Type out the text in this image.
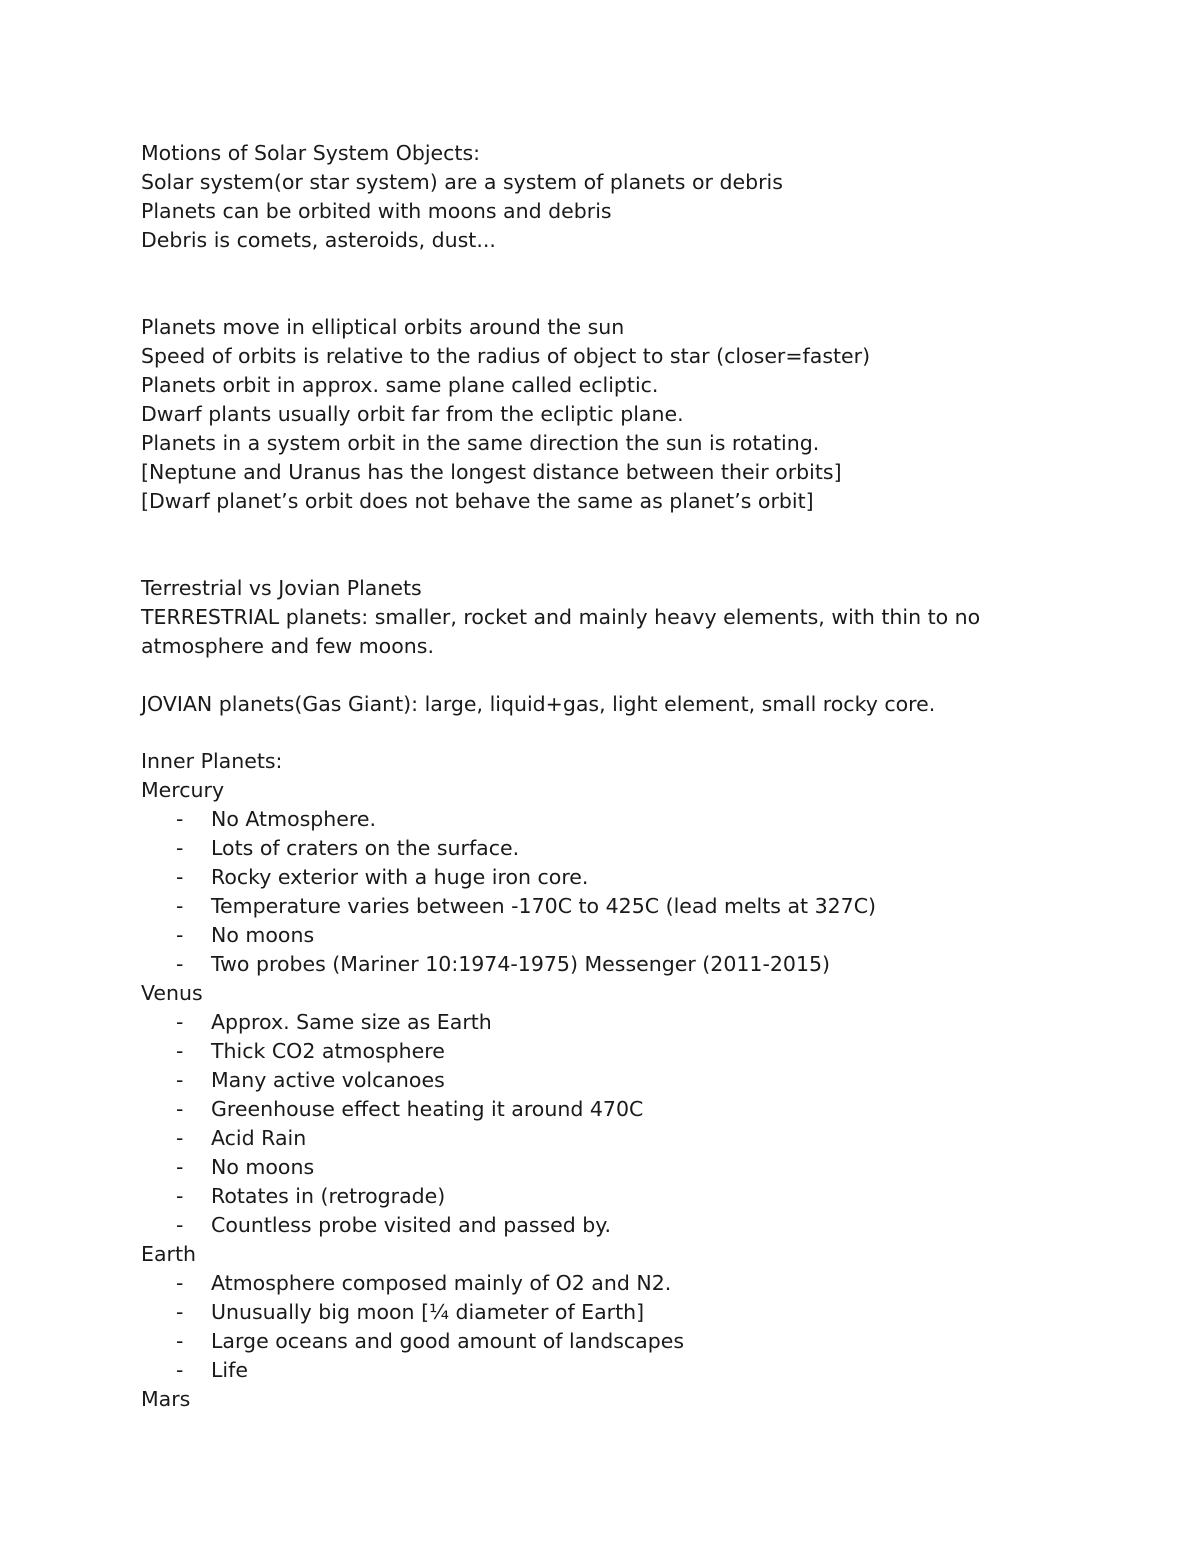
Motions of Solar System Objects:

Solar system(or star system) are a system of planets or debris

Planets can be orbited with moons and debris

Debris is comets, asteroids, dust...

Planets move in elliptical orbits around the sun

Speed of orbits is relative to the radius of object to star (closer=faster)

Planets orbit in approx. same plane called ecliptic.

Dwarf plants usually orbit far from the ecliptic plane.

Planets in a system orbit in the same direction the sun is rotating.

[Neptune and Uranus has the longest distance between their orbits]

[Dwarf planet’s orbit does not behave the same as planet’s orbit]

Terrestrial vs Jovian Planets

TERRESTRIAL planets: smaller, rocket and mainly heavy elements, with thin to no atmosphere and few moons.

JOVIAN planets(Gas Giant): large, liquid+gas, light element, small rocky core.

Inner Planets:

Mercury

- No Atmosphere.
- Lots of craters on the surface.
- Rocky exterior with a huge iron core.
- Temperature varies between -170C to 425C (lead melts at 327C)
- No moons
- Two probes (Mariner 10:1974-1975) Messenger (2011-2015)

Venus

- Approx. Same size as Earth
- Thick CO2 atmosphere
- Many active volcanoes
- Greenhouse effect heating it around 470C
- Acid Rain
- No moons
- Rotates in (retrograde)
- Countless probe visited and passed by.

Earth

- Atmosphere composed mainly of O2 and N2.
- Unusually big moon [¼ diameter of Earth]
- Large oceans and good amount of landscapes
- Life

Mars
